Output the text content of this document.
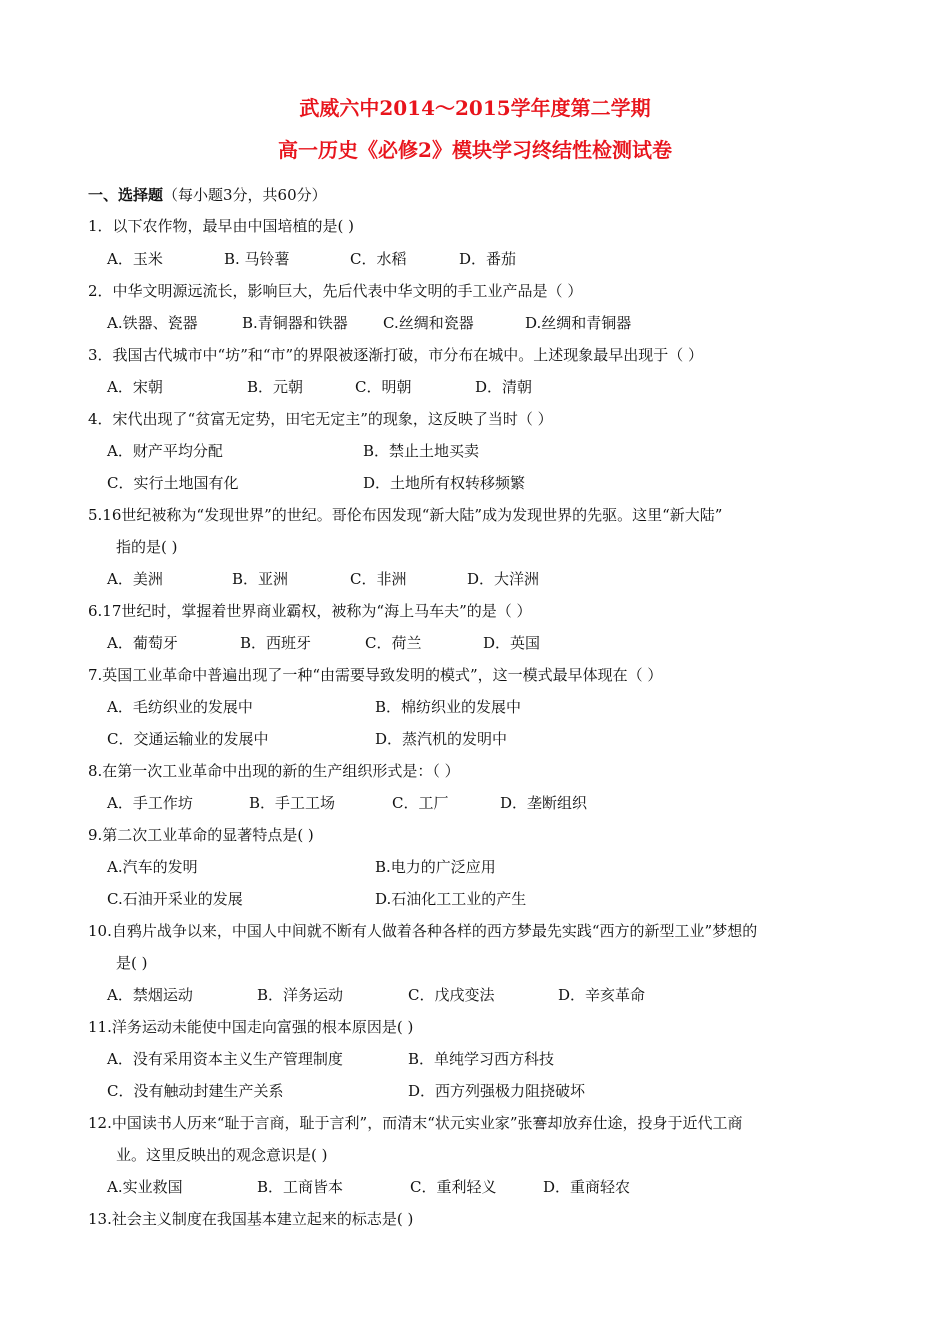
武威六中2014～2015学年度第二学期
高一历史《必修2》模块学习终结性检测试卷
一、选择题（每小题3分，共60分）
1．以下农作物，最早由中国培植的是( )
A．玉米	B. 马铃薯	C．水稻	D．番茄
2．中华文明源远流长，影响巨大，先后代表中华文明的手工业产品是（ ）
A.铁器、瓷器	B.青铜器和铁器 C.丝绸和瓷器	D.丝绸和青铜器
3．我国古代城市中“坊”和“市”的界限被逐渐打破，市分布在城中。上述现象最早出现于（ ）
A．宋朝	B．元朝	C．明朝	D．清朝
4．宋代出现了“贫富无定势，田宅无定主”的现象，这反映了当时（ ）
A．财产平均分配	B．禁止土地买卖
C．实行土地国有化	D．土地所有权转移频繁
5.16世纪被称为“发现世界”的世纪。哥伦布因发现“新大陆”成为发现世界的先驱。这里“新大陆”
指的是( )
A．美洲	B．亚洲	C．非洲	D．大洋洲
6.17世纪时，掌握着世界商业霸权，被称为“海上马车夫”的是（ ）
A．葡萄牙	B．西班牙	C．荷兰	D．英国
7.英国工业革命中普遍出现了一种“由需要导致发明的模式”，这一模式最早体现在（ ）
A．毛纺织业的发展中	B．棉纺织业的发展中
C．交通运输业的发展中	D．蒸汽机的发明中
8.在第一次工业革命中出现的新的生产组织形式是：（ ）
A．手工作坊	B．手工工场	C．工厂	D．垄断组织
9.第二次工业革命的显著特点是( )
A.汽车的发明	B.电力的广泛应用
C.石油开采业的发展	D.石油化工工业的产生
10.自鸦片战争以来，中国人中间就不断有人做着各种各样的西方梦最先实践“西方的新型工业”梦想的
是( )
A．禁烟运动	B．洋务运动	C．戊戌变法	D．辛亥革命
11.洋务运动未能使中国走向富强的根本原因是( )
A．没有采用资本主义生产管理制度	B．单纯学习西方科技
C．没有触动封建生产关系	D．西方列强极力阻挠破坏
12.中国读书人历来“耻于言商，耻于言利”，而清末“状元实业家”张謇却放弃仕途，投身于近代工商
业。这里反映出的观念意识是( )
A.实业救国	B．工商皆本	C．重利轻义	D．重商轻农
13.社会主义制度在我国基本建立起来的标志是( )
